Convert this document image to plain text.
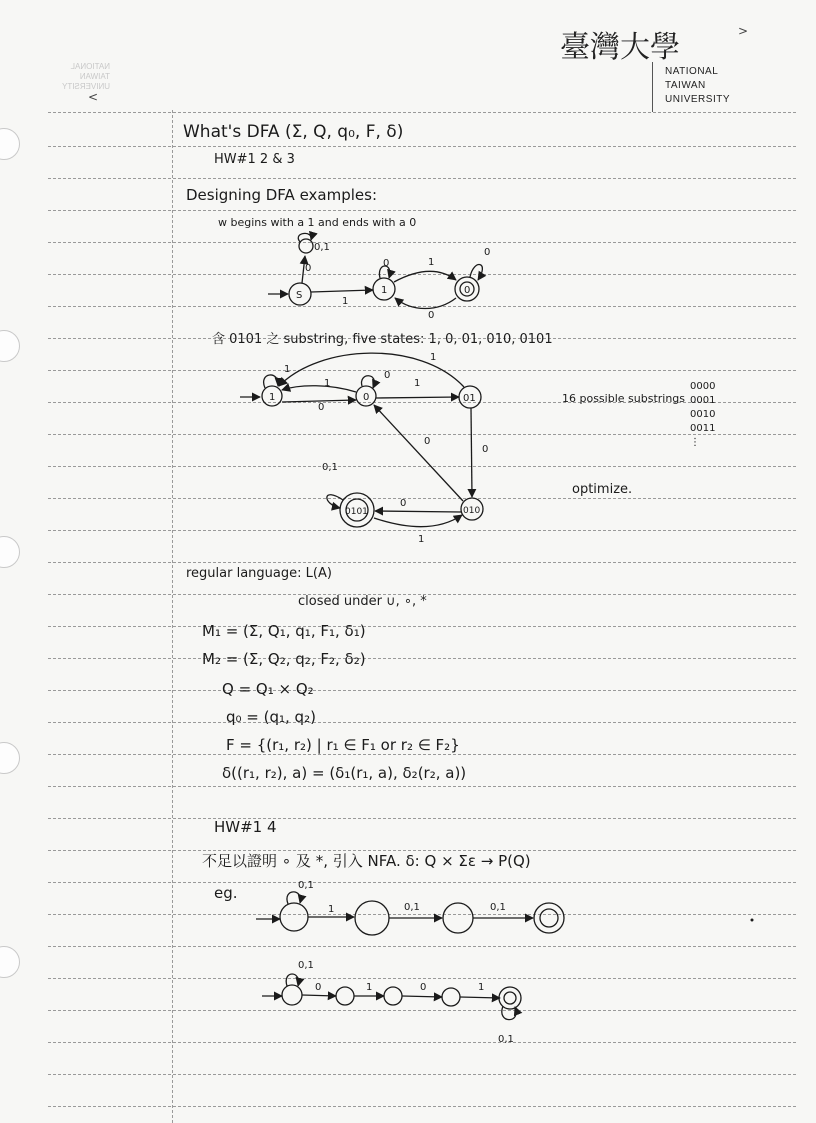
NATIONAL
TAIWAN
UNIVERSITY
臺灣大學
NATIONAL
TAIWAN
UNIVERSITY
>
<
What's DFA (Σ, Q, q₀, F, δ)
HW#1 2 & 3
Designing DFA examples:
w begins with a 1 and ends with a 0
含 0101 之 substring, five states: 1, 0, 01, 010, 0101
16 possible substrings
0000
0001
0010
0011
⋮
optimize.
regular language: L(A)
closed under ∪, ∘, *
M₁ = (Σ, Q₁, q₁, F₁, δ₁)
M₂ = (Σ, Q₂, q₂, F₂, δ₂)
Q = Q₁ × Q₂
q₀ = (q₁, q₂)
F = {(r₁, r₂) | r₁ ∈ F₁ or r₂ ∈ F₂}
δ((r₁, r₂), a) = (δ₁(r₁, a), δ₂(r₂, a))
HW#1 4
不足以證明 ∘ 及 *, 引入 NFA. δ: Q × Σε → P(Q)
eg.
S	1	0
0,1
1
1
0
0
0
0
1	0	01
010
0101
1
0
0,1
0
1
1
0
0
1
0
1
0,1
1	0,1	0,1
0,1
0	1	0	1
0,1
